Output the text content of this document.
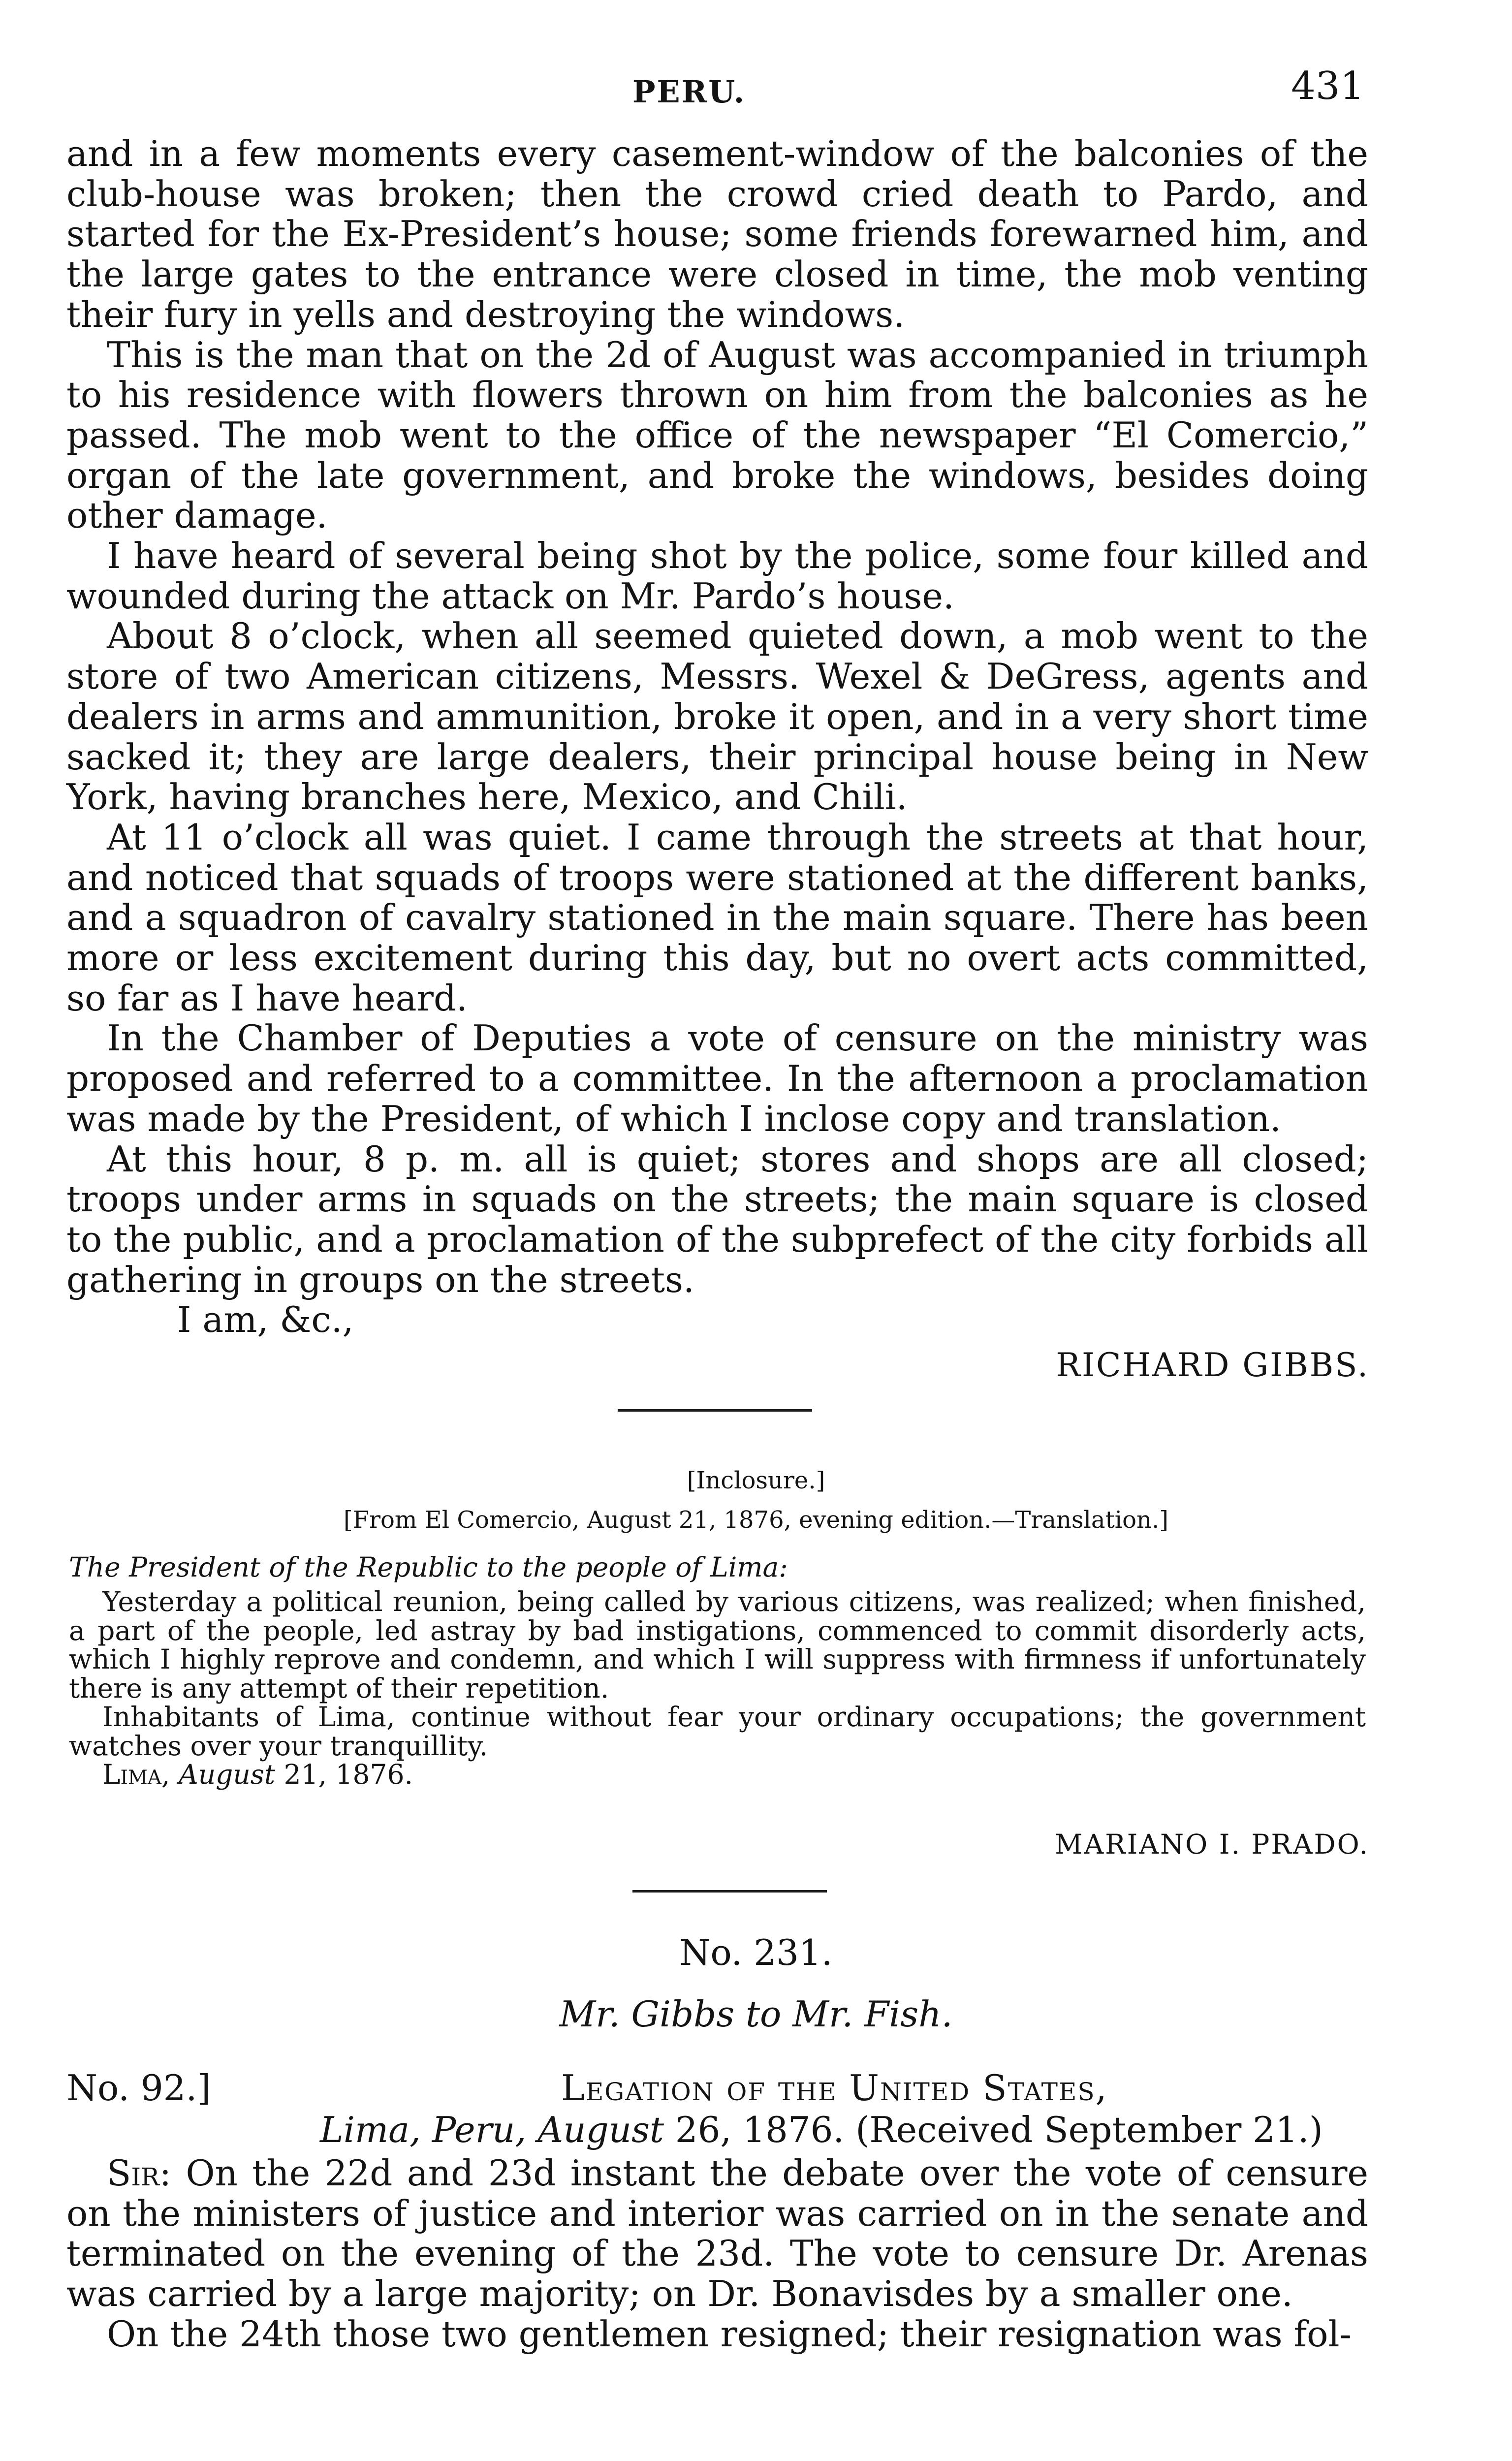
PERU.	431

and in a few moments every casement-window of the balconies of the club-house was broken; then the crowd cried death to Pardo, and started for the Ex-President’s house; some friends forewarned him, and the large gates to the entrance were closed in time, the mob venting their fury in yells and destroying the windows.

This is the man that on the 2d of August was accompanied in triumph to his residence with flowers thrown on him from the balconies as he passed. The mob went to the office of the newspaper “El Comercio,” organ of the late government, and broke the windows, besides doing other damage.

I have heard of several being shot by the police, some four killed and wounded during the attack on Mr. Pardo’s house.

About 8 o’clock, when all seemed quieted down, a mob went to the store of two American citizens, Messrs. Wexel & DeGress, agents and dealers in arms and ammunition, broke it open, and in a very short time sacked it; they are large dealers, their principal house being in New York, having branches here, Mexico, and Chili.

At 11 o’clock all was quiet. I came through the streets at that hour, and noticed that squads of troops were stationed at the different banks, and a squadron of cavalry stationed in the main square. There has been more or less excitement during this day, but no overt acts committed, so far as I have heard.

In the Chamber of Deputies a vote of censure on the ministry was proposed and referred to a committee. In the afternoon a proclamation was made by the President, of which I inclose copy and translation.

At this hour, 8 p. m. all is quiet; stores and shops are all closed; troops under arms in squads on the streets; the main square is closed to the public, and a proclamation of the subprefect of the city forbids all gathering in groups on the streets.

I am, &c.,

RICHARD GIBBS.
[Inclosure.]
[From El Comercio, August 21, 1876, evening edition.—Translation.]
The President of the Republic to the people of Lima:

Yesterday a political reunion, being called by various citizens, was realized; when finished, a part of the people, led astray by bad instigations, commenced to commit disorderly acts, which I highly reprove and condemn, and which I will suppress with firmness if unfortunately there is any attempt of their repetition.

Inhabitants of Lima, continue without fear your ordinary occupations; the government watches over your tranquillity.

Lima, August 21, 1876.

MARIANO I. PRADO.
No. 231.
Mr. Gibbs to Mr. Fish.
No. 92.]	Legation of the United States,
Lima, Peru, August 26, 1876. (Received September 21.)

Sir: On the 22d and 23d instant the debate over the vote of censure on the ministers of justice and interior was carried on in the senate and terminated on the evening of the 23d. The vote to censure Dr. Arenas was carried by a large majority; on Dr. Bonavisdes by a smaller one.

On the 24th those two gentlemen resigned; their resignation was fol-
